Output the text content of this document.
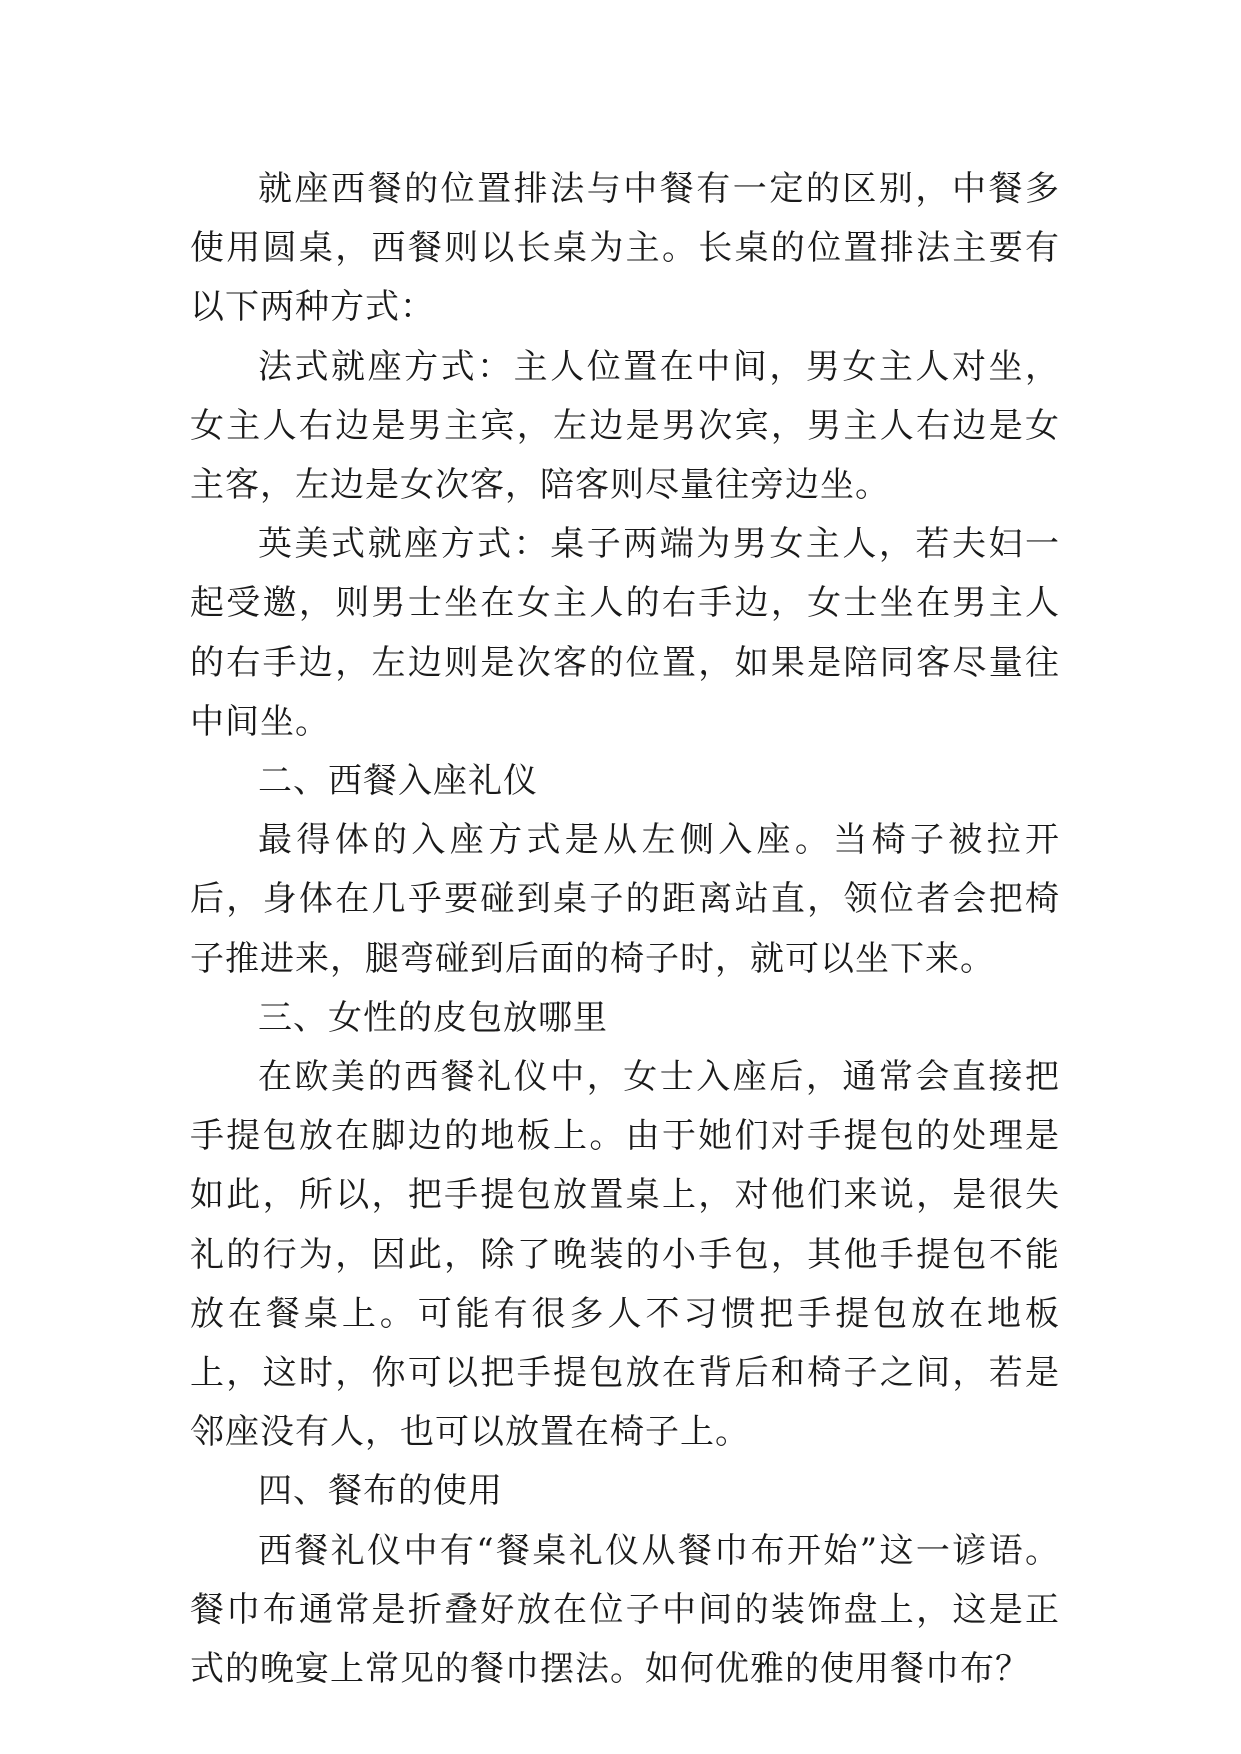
就座西餐的位置排法与中餐有一定的区别，中餐多使用圆桌，西餐则以长桌为主。长桌的位置排法主要有以下两种方式：

法式就座方式：主人位置在中间，男女主人对坐，女主人右边是男主宾，左边是男次宾，男主人右边是女主客，左边是女次客，陪客则尽量往旁边坐。

英美式就座方式：桌子两端为男女主人，若夫妇一起受邀，则男士坐在女主人的右手边，女士坐在男主人的右手边，左边则是次客的位置，如果是陪同客尽量往中间坐。

二、西餐入座礼仪

最得体的入座方式是从左侧入座。当椅子被拉开后，身体在几乎要碰到桌子的距离站直，领位者会把椅子推进来，腿弯碰到后面的椅子时，就可以坐下来。

三、女性的皮包放哪里

在欧美的西餐礼仪中，女士入座后，通常会直接把手提包放在脚边的地板上。由于她们对手提包的处理是如此，所以，把手提包放置桌上，对他们来说，是很失礼的行为，因此，除了晚装的小手包，其他手提包不能放在餐桌上。可能有很多人不习惯把手提包放在地板上，这时，你可以把手提包放在背后和椅子之间，若是邻座没有人，也可以放置在椅子上。

四、餐布的使用

西餐礼仪中有“餐桌礼仪从餐巾布开始”这一谚语。餐巾布通常是折叠好放在位子中间的装饰盘上，这是正式的晚宴上常见的餐巾摆法。如何优雅的使用餐巾布？
